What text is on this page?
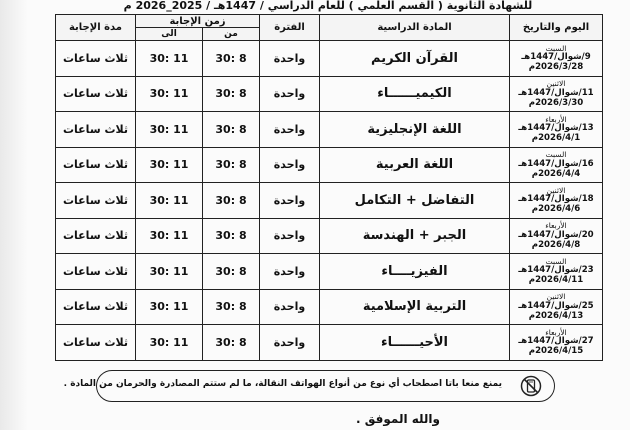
للشهادة الثانوية ( القسم العلمي ) للعام الدراسي / 1447هـ / 2025_2026 م
اليوم والتاريخ	المادة الدراسية	الفترة	زمن الإجابة		مدة الإجابة
			من	الى	

السبت
9/شوال/1447هـ
2026/3/28م	القرآن الكريم	واحدة	8 :30	11 :30	ثلاث ساعات

الاثنين
11/شوال/1447هـ
2026/3/30م	الكيميــــــاء	واحدة	8 :30	11 :30	ثلاث ساعات

الأربعاء
13/شوال/1447هـ
2026/4/1م	اللغة الإنجليزية	واحدة	8 :30	11 :30	ثلاث ساعات

السبت
16/شوال/1447هـ
2026/4/4م	اللغة العربية	واحدة	8 :30	11 :30	ثلاث ساعات

الاثنين
18/شوال/1447هـ
2026/4/6م	التفاضل + التكامل	واحدة	8 :30	11 :30	ثلاث ساعات

الأربعاء
20/شوال/1447هـ
2026/4/8م	الجبر + الهندسة	واحدة	8 :30	11 :30	ثلاث ساعات

السبت
23/شوال/1447هـ
2026/4/11م	الفيزيــــاء	واحدة	8 :30	11 :30	ثلاث ساعات

الاثنين
25/شوال/1447هـ
2026/4/13م	التربية الإسلامية	واحدة	8 :30	11 :30	ثلاث ساعات

الأربعاء
27/شوال/1447هـ
2026/4/15م	الأحيــــــاء	واحدة	8 :30	11 :30	ثلاث ساعات
يمنع منعا باتا اصطحاب أي نوع من أنواع الهواتف النقالة، ما لم ستتم المصادرة والحرمان من المادة .
والله الموفق .
